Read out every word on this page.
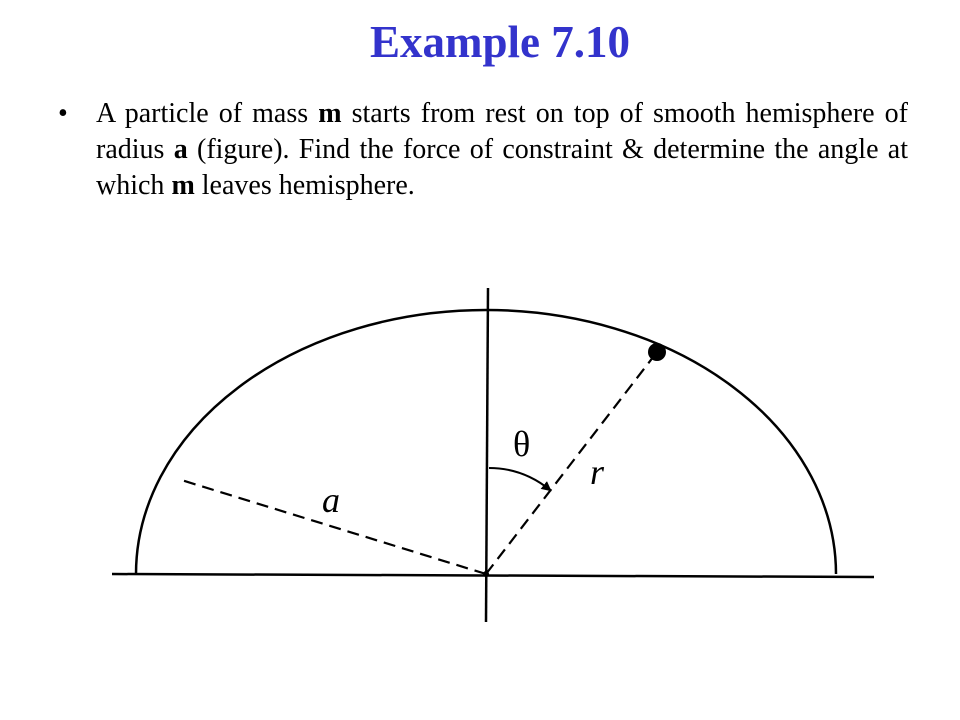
Example 7.10
• A particle of mass m starts from rest on top of smooth hemisphere of radius a (figure). Find the force of constraint & determine the angle at which m leaves hemisphere.
θ
r
a
